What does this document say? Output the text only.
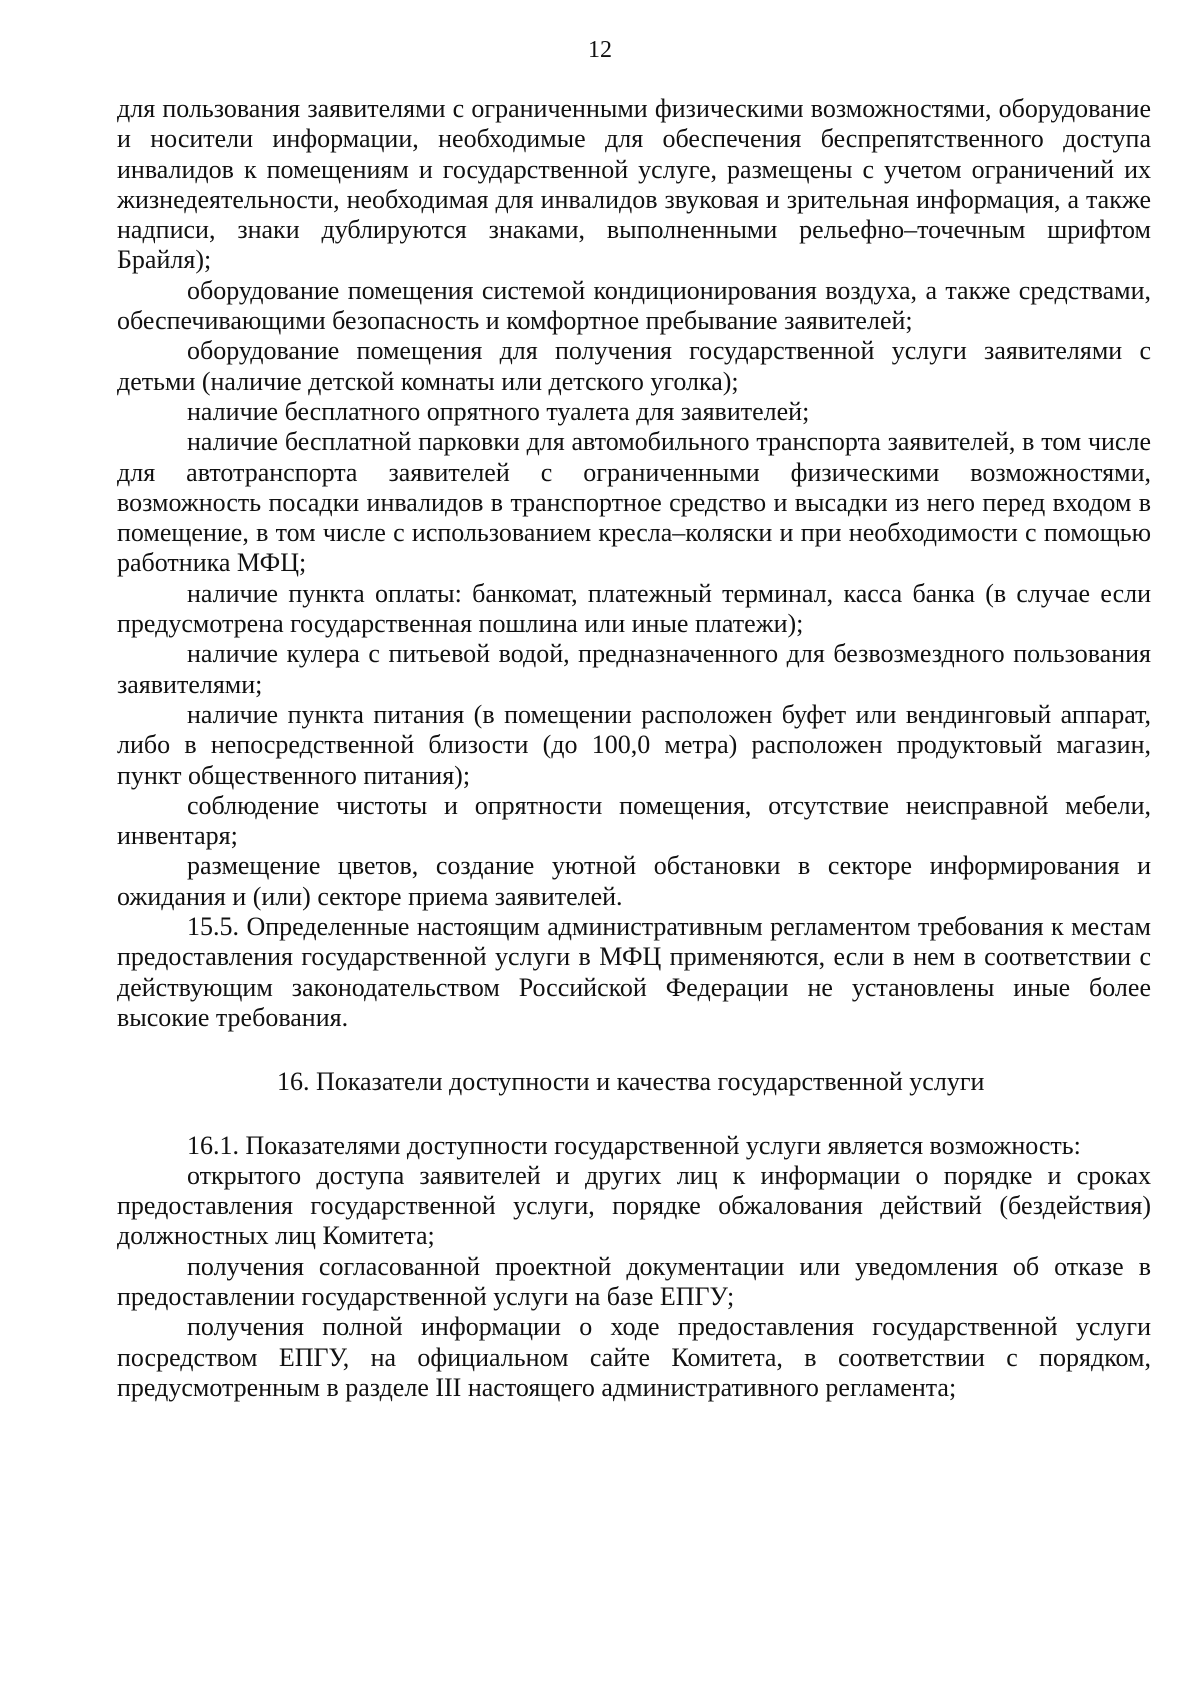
12

для пользования заявителями с ограниченными физическими возможностями, оборудование и носители информации, необходимые для обеспечения беспрепятственного доступа инвалидов к помещениям и государственной услуге, размещены с учетом ограничений их жизнедеятельности, необходимая для инвалидов звуковая и зрительная информация, а также надписи, знаки дублируются знаками, выполненными рельефно–точечным шрифтом Брайля);

оборудование помещения системой кондиционирования воздуха, а также средствами, обеспечивающими безопасность и комфортное пребывание заявителей;

оборудование помещения для получения государственной услуги заявителями с детьми (наличие детской комнаты или детского уголка);

наличие бесплатного опрятного туалета для заявителей;

наличие бесплатной парковки для автомобильного транспорта заявителей, в том числе для автотранспорта заявителей с ограниченными физическими возможностями, возможность посадки инвалидов в транспортное средство и высадки из него перед входом в помещение, в том числе с использованием кресла–коляски и при необходимости с помощью работника МФЦ;

наличие пункта оплаты: банкомат, платежный терминал, касса банка (в случае если предусмотрена государственная пошлина или иные платежи);

наличие кулера с питьевой водой, предназначенного для безвозмездного пользования заявителями;

наличие пункта питания (в помещении расположен буфет или вендинговый аппарат, либо в непосредственной близости (до 100,0 метра) расположен продуктовый магазин, пункт общественного питания);

соблюдение чистоты и опрятности помещения, отсутствие неисправной мебели, инвентаря;

размещение цветов, создание уютной обстановки в секторе информирования и ожидания и (или) секторе приема заявителей.

15.5. Определенные настоящим административным регламентом требования к местам предоставления государственной услуги в МФЦ применяются, если в нем в соответствии с действующим законодательством Российской Федерации не установлены иные более высокие требования.

16. Показатели доступности и качества государственной услуги

16.1. Показателями доступности государственной услуги является возможность:

открытого доступа заявителей и других лиц к информации о порядке и сроках предоставления государственной услуги, порядке обжалования действий (бездействия) должностных лиц Комитета;

получения согласованной проектной документации или уведомления об отказе в предоставлении государственной услуги на базе ЕПГУ;

получения полной информации о ходе предоставления государственной услуги посредством ЕПГУ, на официальном сайте Комитета, в соответствии с порядком, предусмотренным в разделе III настоящего административного регламента;
